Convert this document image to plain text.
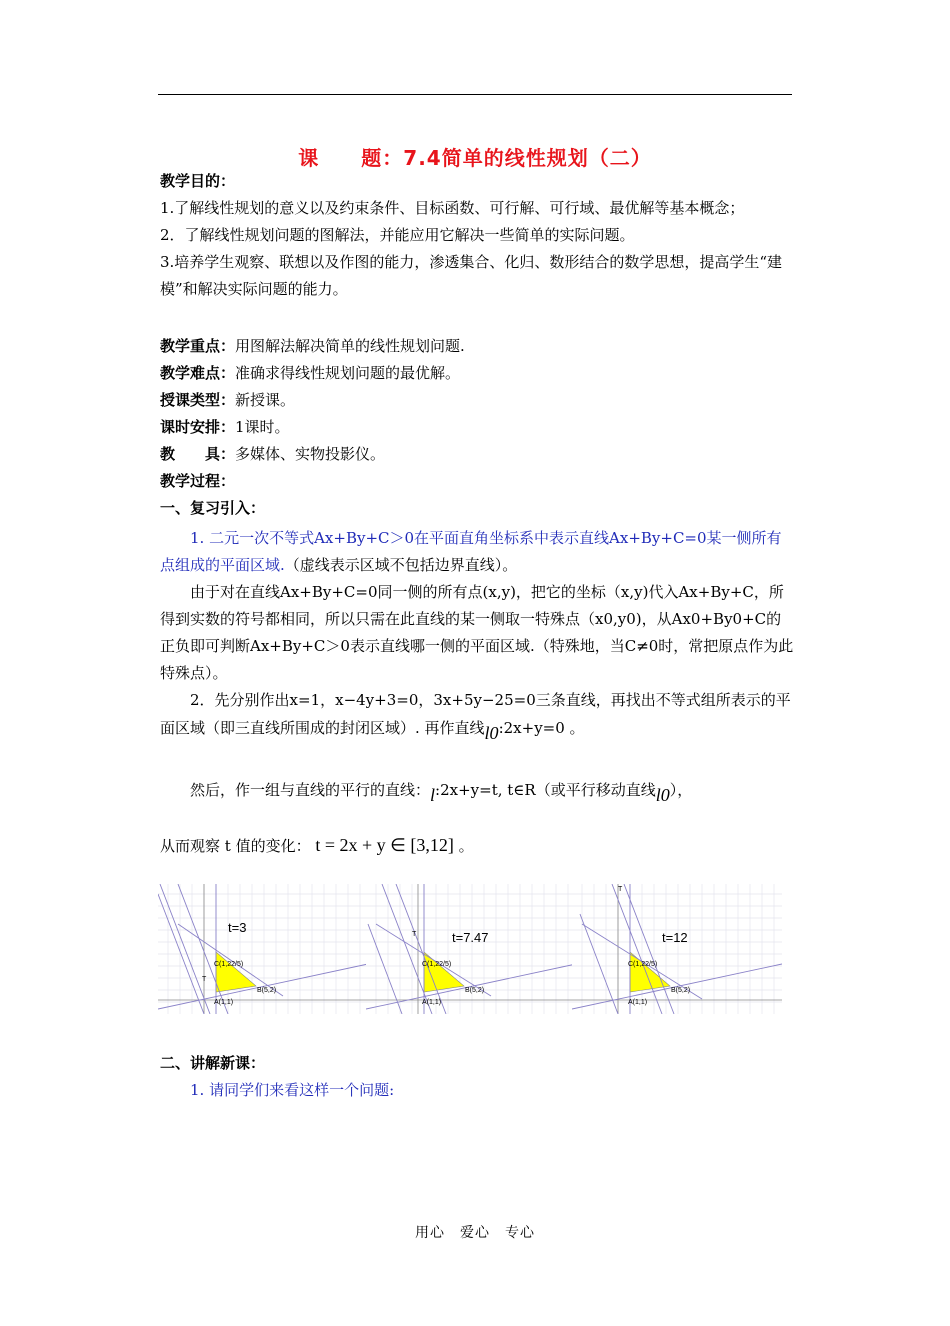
课　　题：7.4简单的线性规划（二）
教学目的：
1.了解线性规划的意义以及约束条件、目标函数、可行解、可行域、最优解等基本概念；
2．了解线性规划问题的图解法，并能应用它解决一些简单的实际问题。
3.培养学生观察、联想以及作图的能力，渗透集合、化归、数形结合的数学思想，提高学生“建模”和解决实际问题的能力。
教学重点：用图解法解决简单的线性规划问题.
教学难点：准确求得线性规划问题的最优解。
授课类型：新授课。
课时安排：1课时。
教　　具：多媒体、实物投影仪。
教学过程：
一、复习引入：
1. 二元一次不等式Ax+By+C＞0在平面直角坐标系中表示直线Ax+By+C=0某一侧所有点组成的平面区域.（虚线表示区域不包括边界直线）。
由于对在直线Ax+By+C=0同一侧的所有点(x,y)，把它的坐标（x,y)代入Ax+By+C，所得到实数的符号都相同，所以只需在此直线的某一侧取一特殊点（x0,y0)，从Ax0+By0+C的正负即可判断Ax+By+C＞0表示直线哪一侧的平面区域.（特殊地，当C≠0时，常把原点作为此特殊点）。
2．先分别作出x=1，x−4y+3=0，3x+5y−25=0三条直线，再找出不等式组所表示的平面区域（即三直线所围成的封闭区域）. 再作直线l0:2x+y=0 。
然后，作一组与直线的平行的直线：l:2x+y=t, t∈R（或平行移动直线l0），
从而观察 t 值的变化： t = 2x + y ∈ [3,12] 。
t=3
C(1,22/5)
B(5,2)
A(1,1)
T
t=7.47
C(1,22/5)
B(5,2)
A(1,1)
T	t=12
C(1,22/5)
B(5,2)
A(1,1)
T
二、讲解新课：
1. 请同学们来看这样一个问题:
用心　爱心　专心
